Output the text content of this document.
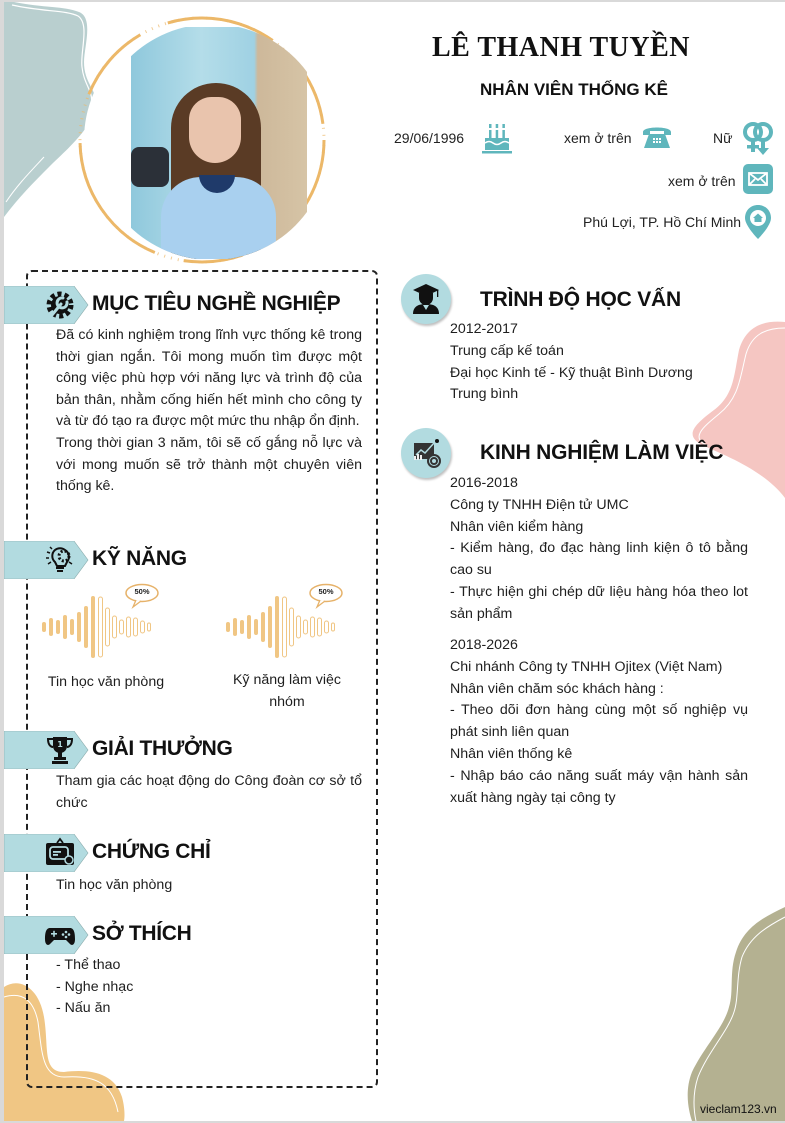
LÊ THANH TUYỀN
NHÂN VIÊN THỐNG KÊ
29/06/1996	xem ở trên	Nữ
xem ở trên
Phú Lợi, TP. Hồ Chí Minh
MỤC TIÊU NGHỀ NGHIỆP
Đã có kinh nghiệm trong lĩnh vực thống kê trong thời gian ngắn. Tôi mong muốn tìm được một công việc phù hợp với năng lực và trình độ của bản thân, nhằm cống hiến hết mình cho công ty và từ đó tạo ra được một mức thu nhập ổn định.
Trong thời gian 3 năm, tôi sẽ cố gắng nỗ lực và với mong muốn sẽ trở thành một chuyên viên thống kê.
KỸ NĂNG
50%
Tin học văn phòng
50%
Kỹ năng làm việc nhóm
1 GIẢI THƯỞNG
Tham gia các hoạt động do Công đoàn cơ sở tổ chức
CHỨNG CHỈ
Tin học văn phòng
SỞ THÍCH
- Thể thao
- Nghe nhạc
- Nấu ăn
TRÌNH ĐỘ HỌC VẤN
2012-2017
Trung cấp kế toán
Đại học Kinh tế - Kỹ thuật Bình Dương
Trung bình
KINH NGHIỆM LÀM VIỆC
2016-2018
Công ty TNHH Điện tử UMC
Nhân viên kiểm hàng
- Kiểm hàng, đo đạc hàng linh kiện ô tô bằng cao su
- Thực hiện ghi chép dữ liệu hàng hóa theo lot sản phẩm
2018-2026
Chi nhánh Công ty TNHH Ojitex (Việt Nam)
Nhân viên chăm sóc khách hàng :
- Theo dõi đơn hàng cùng một số nghiệp vụ phát sinh liên quan
Nhân viên thống kê
- Nhập báo cáo năng suất máy vận hành sản xuất hàng ngày tại công ty
vieclam123.vn
